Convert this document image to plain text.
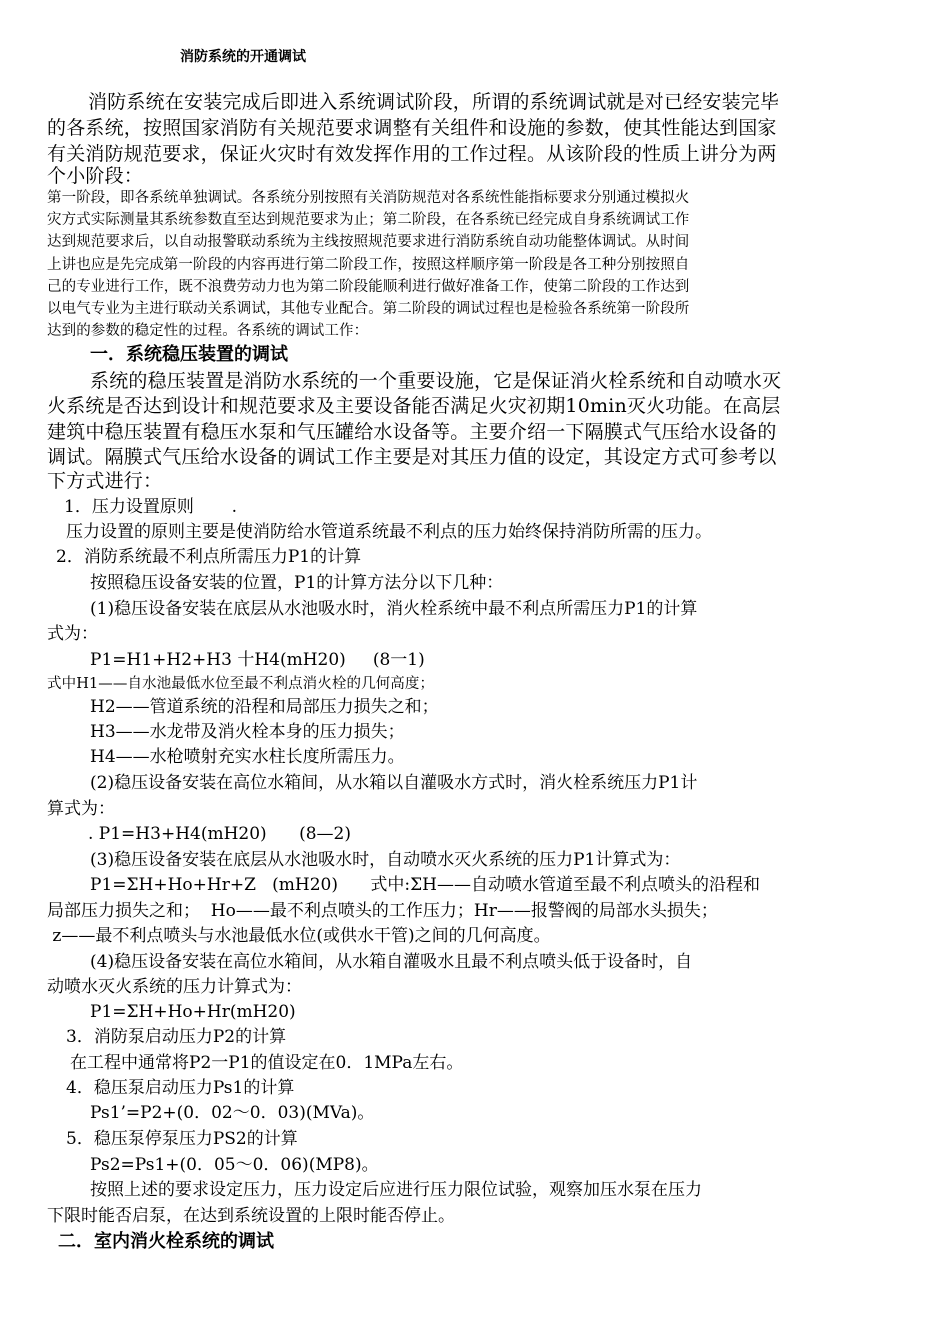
消防系统的开通调试
消防系统在安装完成后即进入系统调试阶段，所谓的系统调试就是对已经安装完毕
的各系统，按照国家消防有关规范要求调整有关组件和设施的参数，使其性能达到国家
有关消防规范要求，保证火灾时有效发挥作用的工作过程。从该阶段的性质上讲分为两
个小阶段：
第一阶段，即各系统单独调试。各系统分别按照有关消防规范对各系统性能指标要求分别通过模拟火
灾方式实际测量其系统参数直至达到规范要求为止；第二阶段，在各系统已经完成自身系统调试工作
达到规范要求后，以自动报警联动系统为主线按照规范要求进行消防系统自动功能整体调试。从时间
上讲也应是先完成第一阶段的内容再进行第二阶段工作，按照这样顺序第一阶段是各工种分别按照自
己的专业进行工作，既不浪费劳动力也为第二阶段能顺利进行做好准备工作，使第二阶段的工作达到
以电气专业为主进行联动关系调试，其他专业配合。第二阶段的调试过程也是检验各系统第一阶段所
达到的参数的稳定性的过程。各系统的调试工作：
一．系统稳压装置的调试
系统的稳压装置是消防水系统的一个重要设施，它是保证消火栓系统和自动喷水灭
火系统是否达到设计和规范要求及主要设备能否满足火灾初期10min灭火功能。在高层
建筑中稳压装置有稳压水泵和气压罐给水设备等。主要介绍一下隔膜式气压给水设备的
调试。隔膜式气压给水设备的调试工作主要是对其压力值的设定，其设定方式可参考以
下方式进行：
1．压力设置原则       .
压力设置的原则主要是使消防给水管道系统最不利点的压力始终保持消防所需的压力。
2．消防系统最不利点所需压力P1的计算
按照稳压设备安装的位置，P1的计算方法分以下几种：
(1)稳压设备安装在底层从水池吸水时，消火栓系统中最不利点所需压力P1的计算
式为：
P1=H1+H2+H3 十H4(mH20)     (8一1)
式中H1——自水池最低水位至最不利点消火栓的几何高度；
H2——管道系统的沿程和局部压力损失之和；
H3——水龙带及消火栓本身的压力损失；
H4——水枪喷射充实水柱长度所需压力。
(2)稳压设备安装在高位水箱间，从水箱以自灌吸水方式时，消火栓系统压力P1计
算式为：
. P1=H3+H4(mH20)      (8—2)
(3)稳压设备安装在底层从水池吸水时，自动喷水灭火系统的压力P1计算式为：
P1=ΣH+Ho+Hr+Z   (mH20)      式中:ΣH——自动喷水管道至最不利点喷头的沿程和
局部压力损失之和；  Ho——最不利点喷头的工作压力；Hr——报警阀的局部水头损失；
z——最不利点喷头与水池最低水位(或供水干管)之间的几何高度。
(4)稳压设备安装在高位水箱间，从水箱自灌吸水且最不利点喷头低于设备时，自
动喷水灭火系统的压力计算式为：
P1=ΣH+Ho+Hr(mH20)
3．消防泵启动压力P2的计算
在工程中通常将P2一P1的值设定在0．1MPa左右。
4．稳压泵启动压力Ps1的计算
Ps1’=P2+(0．02～0．03)(MVa)。
5．稳压泵停泵压力PS2的计算
Ps2=Ps1+(0．05～0．06)(MP8)。
按照上述的要求设定压力，压力设定后应进行压力限位试验，观察加压水泵在压力
下限时能否启泵，在达到系统设置的上限时能否停止。
二．室内消火栓系统的调试
